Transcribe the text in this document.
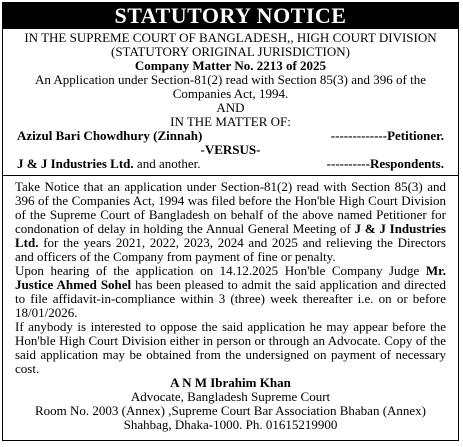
STATUTORY NOTICE
IN THE SUPREME COURT OF BANGLADESH,, HIGH COURT DIVISION
(STATUTORY ORIGINAL JURISDICTION)
Company Matter No. 2213 of 2025
An Application under Section-81(2) read with Section 85(3) and 396 of the
Companies Act, 1994.
AND
IN THE MATTER OF:
Azizul Bari Chowdhury (Zinnah)	-------------Petitioner.
-VERSUS-
J & J Industries Ltd. and another.	----------Respondents.

Take Notice that an application under Section-81(2) read with Section 85(3) and 396 of the Companies Act, 1994 was filed before the Hon'ble High Court Division of the Supreme Court of Bangladesh on behalf of the above named Petitioner for condonation of delay in holding the Annual General Meeting of J & J Industries Ltd. for the years 2021, 2022, 2023, 2024 and 2025 and relieving the Directors and officers of the Company from payment of fine or penalty.

Upon hearing of the application on 14.12.2025 Hon'ble Company Judge Mr. Justice Ahmed Sohel has been pleased to admit the said application and directed to file affidavit-in-compliance within 3 (three) week thereafter i.e. on or before 18/01/2026.

If anybody is interested to oppose the said application he may appear before the Hon'ble High Court Division either in person or through an Advocate. Copy of the said application may be obtained from the undersigned on payment of necessary cost.

A N M Ibrahim Khan
Advocate, Bangladesh Supreme Court
Room No. 2003 (Annex) ,Supreme Court Bar Association Bhaban (Annex)
Shahbag, Dhaka-1000. Ph. 01615219900
